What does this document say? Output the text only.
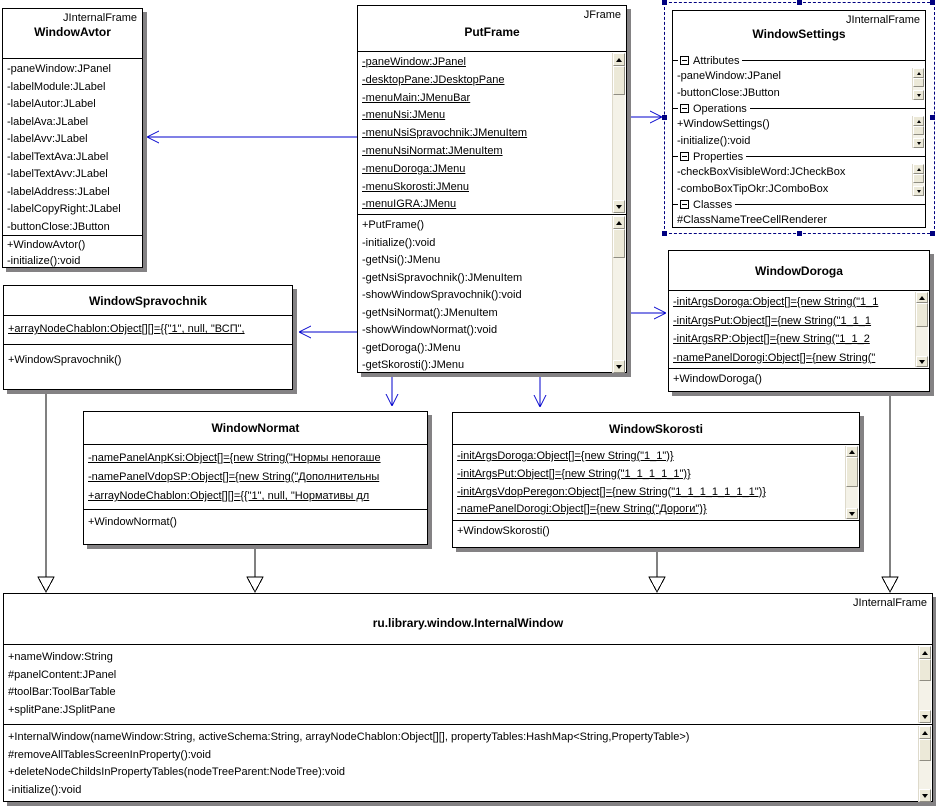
JInternalFrame
WindowAvtor
-paneWindow:JPanel
-labelModule:JLabel
-labelAutor:JLabel
-labelAva:JLabel
-labelAvv:JLabel
-labelTextAva:JLabel
-labelTextAvv:JLabel
-labelAddress:JLabel
-labelCopyRight:JLabel
-buttonClose:JButton
+WindowAvtor()
-initialize():void
JFrame
PutFrame
-paneWindow:JPanel
-desktopPane:JDesktopPane
-menuMain:JMenuBar
-menuNsi:JMenu
-menuNsiSpravochnik:JMenuItem
-menuNsiNormat:JMenuItem
-menuDoroga:JMenu
-menuSkorosti:JMenu
-menuIGRA:JMenu
+PutFrame()
-initialize():void
-getNsi():JMenu
-getNsiSpravochnik():JMenuItem
-showWindowSpravochnik():void
-getNsiNormat():JMenuItem
-showWindowNormat():void
-getDoroga():JMenu
-getSkorosti():JMenu
JInternalFrame
WindowSettings
Attributes
-paneWindow:JPanel
-buttonClose:JButton
Operations
+WindowSettings()
-initialize():void
Properties
-checkBoxVisibleWord:JCheckBox
-comboBoxTipOkr:JComboBox
Classes
#ClassNameTreeCellRenderer
WindowSpravochnik
+arrayNodeChablon:Object[][]={{"1", null, "ВСП",
+WindowSpravochnik()
WindowDoroga
-initArgsDoroga:Object[]={new String("1_1
-initArgsPut:Object[]={new String("1_1_1
-initArgsRP:Object[]={new String("1_1_2
-namePanelDorogi:Object[]={new String("
+WindowDoroga()
WindowNormat
-namePanelAnpKsi:Object[]={new String("Нормы непогаше
-namePanelVdopSP:Object[]={new String("Дополнительны
+arrayNodeChablon:Object[][]={{"1", null, "Нормативы дл
+WindowNormat()
WindowSkorosti
-initArgsDoroga:Object[]={new String("1_1")}
-initArgsPut:Object[]={new String("1_1_1_1_1")}
-initArgsVdopPeregon:Object[]={new String("1_1_1_1_1_1_1")}
-namePanelDorogi:Object[]={new String("Дороги")}
+WindowSkorosti()
JInternalFrame
ru.library.window.InternalWindow
+nameWindow:String
#panelContent:JPanel
#toolBar:ToolBarTable
+splitPane:JSplitPane
+InternalWindow(nameWindow:String, activeSchema:String, arrayNodeChablon:Object[][], propertyTables:HashMap<String,PropertyTable>)
#removeAllTablesScreenInProperty():void
+deleteNodeChildsInPropertyTables(nodeTreeParent:NodeTree):void
-initialize():void
